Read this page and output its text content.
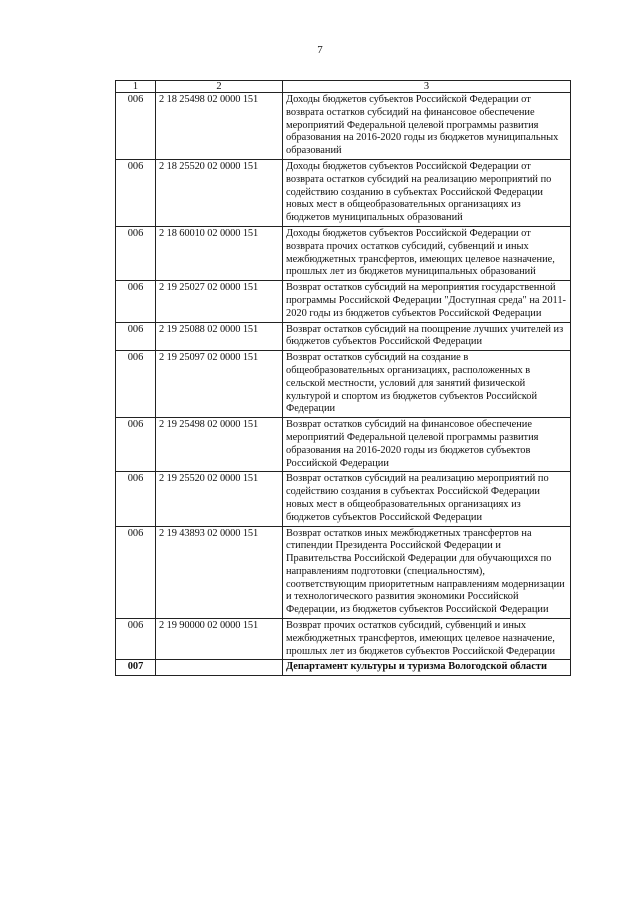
7
1	2	3
006	2 18 25498 02 0000 151	Доходы бюджетов субъектов Российской Федерации от возврата остатков субсидий на финансовое обеспечение мероприятий Федеральной целевой программы развития образования на 2016-2020 годы из бюджетов муниципальных образований
006	2 18 25520 02 0000 151	Доходы бюджетов субъектов Российской Федерации от возврата остатков субсидий на реализацию мероприятий по содействию созданию в субъектах Российской Федерации новых мест в общеобразовательных организациях из бюджетов муниципальных образований
006	2 18 60010 02 0000 151	Доходы бюджетов субъектов Российской Федерации от возврата прочих остатков субсидий, субвенций и иных межбюджетных трансфертов, имеющих целевое назначение, прошлых лет из бюджетов муниципальных образований
006	2 19 25027 02 0000 151	Возврат остатков субсидий на мероприятия государственной программы Российской Федерации "Доступная среда" на 2011-2020 годы из бюджетов субъектов Российской Федерации
006	2 19 25088 02 0000 151	Возврат остатков субсидий на поощрение лучших учителей из бюджетов субъектов Российской Федерации
006	2 19 25097 02 0000 151	Возврат остатков субсидий на создание в общеобразовательных организациях, расположенных в сельской местности, условий для занятий физической культурой и спортом из бюджетов субъектов Российской Федерации
006	2 19 25498 02 0000 151	Возврат остатков субсидий на финансовое обеспечение мероприятий Федеральной целевой программы развития образования на 2016-2020 годы из бюджетов субъектов Российской Федерации
006	2 19 25520 02 0000 151	Возврат остатков субсидий на реализацию мероприятий по содействию создания в субъектах Российской Федерации новых мест в общеобразовательных организациях из бюджетов субъектов Российской Федерации
006	2 19 43893 02 0000 151	Возврат остатков иных межбюджетных трансфертов на стипендии Президента Российской Федерации и Правительства Российской Федерации для обучающихся по направлениям подготовки (специальностям), соответствующим приоритетным направлениям модернизации и технологического развития экономики Российской Федерации, из бюджетов субъектов Российской Федерации
006	2 19 90000 02 0000 151	Возврат прочих остатков субсидий, субвенций и иных межбюджетных трансфертов, имеющих целевое назначение, прошлых лет из бюджетов субъектов Российской Федерации
007		Департамент культуры и туризма Вологодской области
